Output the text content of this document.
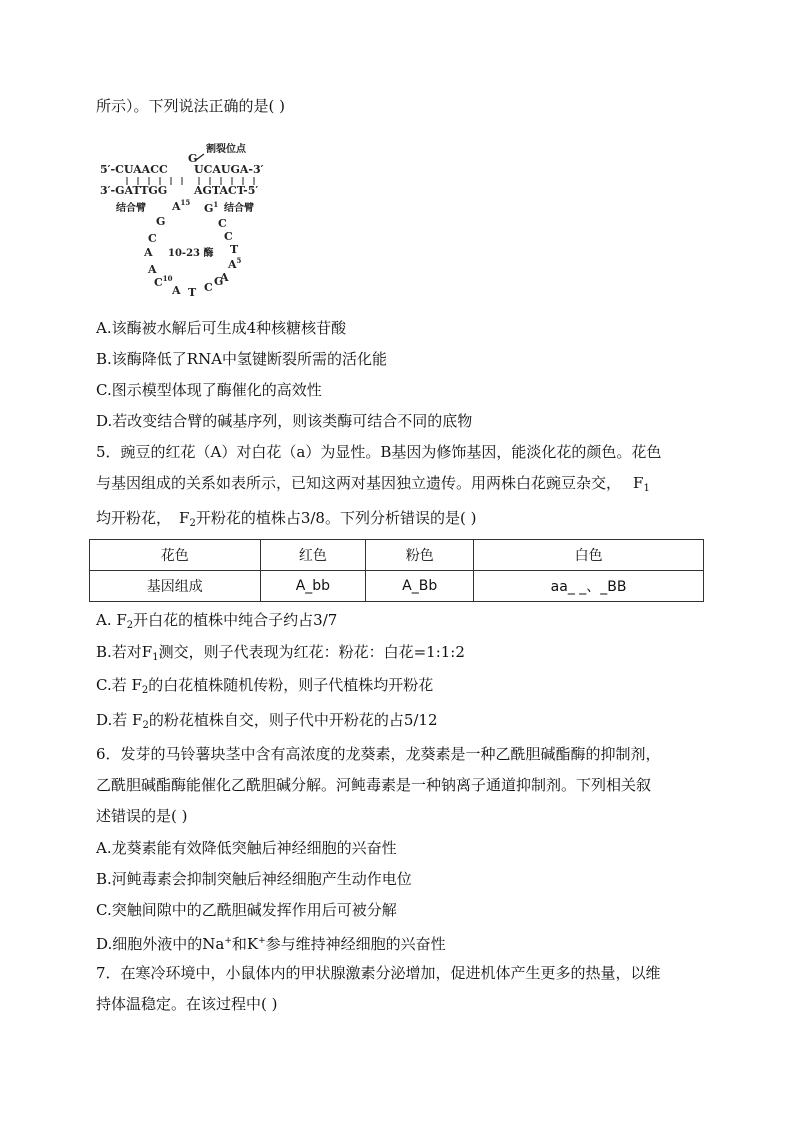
所示）。下列说法正确的是( )
割裂位点
G
5′-CUAACC UCAUGA-3′
3′-GATTGG AGTACT-5′
结合臂	结合臂
$A^{15}$ $G^1$
G	C
C	C
A 10-23 酶 T
A	$A^5$
$C^{10}$	A
A T C G
A.该酶被水解后可生成4种核糖核苷酸
B.该酶降低了RNA中氢键断裂所需的活化能
C.图示模型体现了酶催化的高效性
D.若改变结合臂的碱基序列，则该类酶可结合不同的底物
5．豌豆的红花（A）对白花（a）为显性。B基因为修饰基因，能淡化花的颜色。花色
与基因组成的关系如表所示，已知这两对基因独立遗传。用两株白花豌豆杂交， $F_1$
均开粉花， $F_2$开粉花的植株占3/8。下列分析错误的是( )
花色	红色	粉色	白色
基因组成	A_bb	A_Bb	aa_ _、_BB
A. $F_2$开白花的植株中纯合子约占3/7
B.若对$F_1$测交，则子代表现为红花：粉花：白花=1:1:2
C.若 $F_2$的白花植株随机传粉，则子代植株均开粉花
D.若 $F_2$的粉花植株自交，则子代中开粉花的占5/12
6．发芽的马铃薯块茎中含有高浓度的龙葵素，龙葵素是一种乙酰胆碱酯酶的抑制剂，
乙酰胆碱酯酶能催化乙酰胆碱分解。河鲀毒素是一种钠离子通道抑制剂。下列相关叙
述错误的是( )
A.龙葵素能有效降低突触后神经细胞的兴奋性
B.河鲀毒素会抑制突触后神经细胞产生动作电位
C.突触间隙中的乙酰胆碱发挥作用后可被分解
D.细胞外液中的Na+和K+参与维持神经细胞的兴奋性
7．在寒冷环境中，小鼠体内的甲状腺激素分泌增加，促进机体产生更多的热量，以维
持体温稳定。在该过程中( )
